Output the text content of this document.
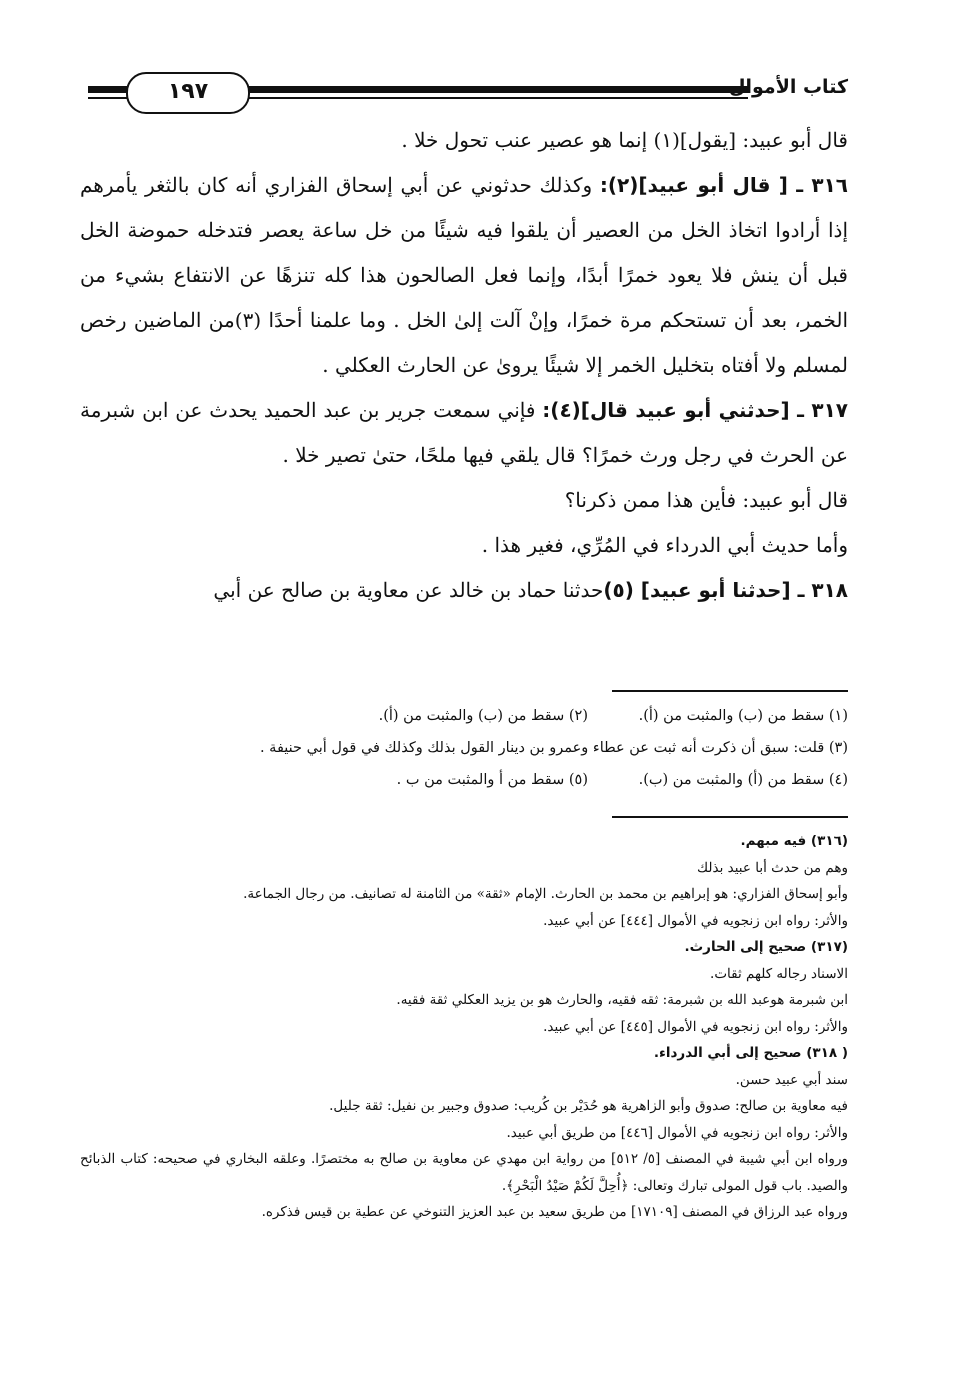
١٩٧	كتاب الأموال

قال أبو عبيد: [يقول](١) إنما هو عصير عنب تحول خلا .

٣١٦ ـ [ قال أبو عبيد](٢): وكذلك حدثوني عن أبي إسحاق الفزاري أنه كان بالثغر يأمرهم إذا أرادوا اتخاذ الخل من العصير أن يلقوا فيه شيئًا من خل ساعة يعصر فتدخله حموضة الخل قبل أن ينش فلا يعود خمرًا أبدًا، وإنما فعل الصالحون هذا كله تنزهًا عن الانتفاع بشيء من الخمر، بعد أن تستحكم مرة خمرًا، وإنْ آلت إلىٰ الخل . وما علمنا أحدًا (٣)من الماضين رخص لمسلم ولا أفتاه بتخليل الخمر إلا شيئًا يروىٰ عن الحارث العكلي .

٣١٧ ـ [حدثني أبو عبيد قال](٤): فإني سمعت جرير بن عبد الحميد يحدث عن ابن شبرمة عن الحرث في رجل ورث خمرًا؟ قال يلقي فيها ملحًا، حتىٰ تصير خلا .

قال أبو عبيد: فأين هذا ممن ذكرنا؟

وأما حديث أبي الدرداء في المُرِّي، فغير هذا .

٣١٨ ـ [حدثنا أبو عبيد] (٥)حدثنا حماد بن خالد عن معاوية بن صالح عن أبي

(١) سقط من (ب) والمثبت من (أ).
(٢) سقط من (ب) والمثبت من (أ).
(٣) قلت: سبق أن ذكرت أنه ثبت عن عطاء وعمرو بن دينار القول بذلك وكذلك في قول أبي حنيفة .
(٤) سقط من (أ) والمثبت من (ب).
(٥) سقط من أ والمثبت من ب .

(٣١٦) فيه مبهم.

وهم من حدث أبا عبيد بذلك

وأبو إسحاق الفزاري: هو إبراهيم بن محمد بن الحارث. الإمام «ثقة» من الثامنة له تصانيف. من رجال الجماعة.

والأثر: رواه ابن زنجويه في الأموال [٤٤٤] عن أبي عبيد.

(٣١٧) صحيح إلى الحارث.

الاسناد رجاله كلهم ثقات.

ابن شبرمة هوعبد الله بن شبرمة: ثقه فقيه، والحارث هو بن يزيد العكلي ثقة فقيه.

والأثر: رواه ابن زنجويه في الأموال [٤٤٥] عن أبي عبيد.

( ٣١٨) صحيح إلى أبي الدرداء.

سند أبي عبيد حسن.

فيه معاوية بن صالح: صدوق وأبو الزاهرية هو حُدَيْر بن كُريب: صدوق وجبير بن نفيل: ثقة جليل.

والأثر: رواه ابن زنجويه في الأموال [٤٤٦] من طريق أبي عبيد.

ورواه ابن أبي شيبة في المصنف [٥/ ٥١٢] من رواية ابن مهدي عن معاوية بن صالح به مختصرًا. وعلقه البخاري في صحيحه: كتاب الذبائح والصيد. باب قول المولى تبارك وتعالى: ﴿أُحِلَّ لَكُمْ صَيْدُ الْبَحْرِ﴾.

ورواه عبد الرزاق في المصنف [١٧١٠٩] من طريق سعيد بن عبد العزيز التنوخي عن عطية بن قيس فذكره.
